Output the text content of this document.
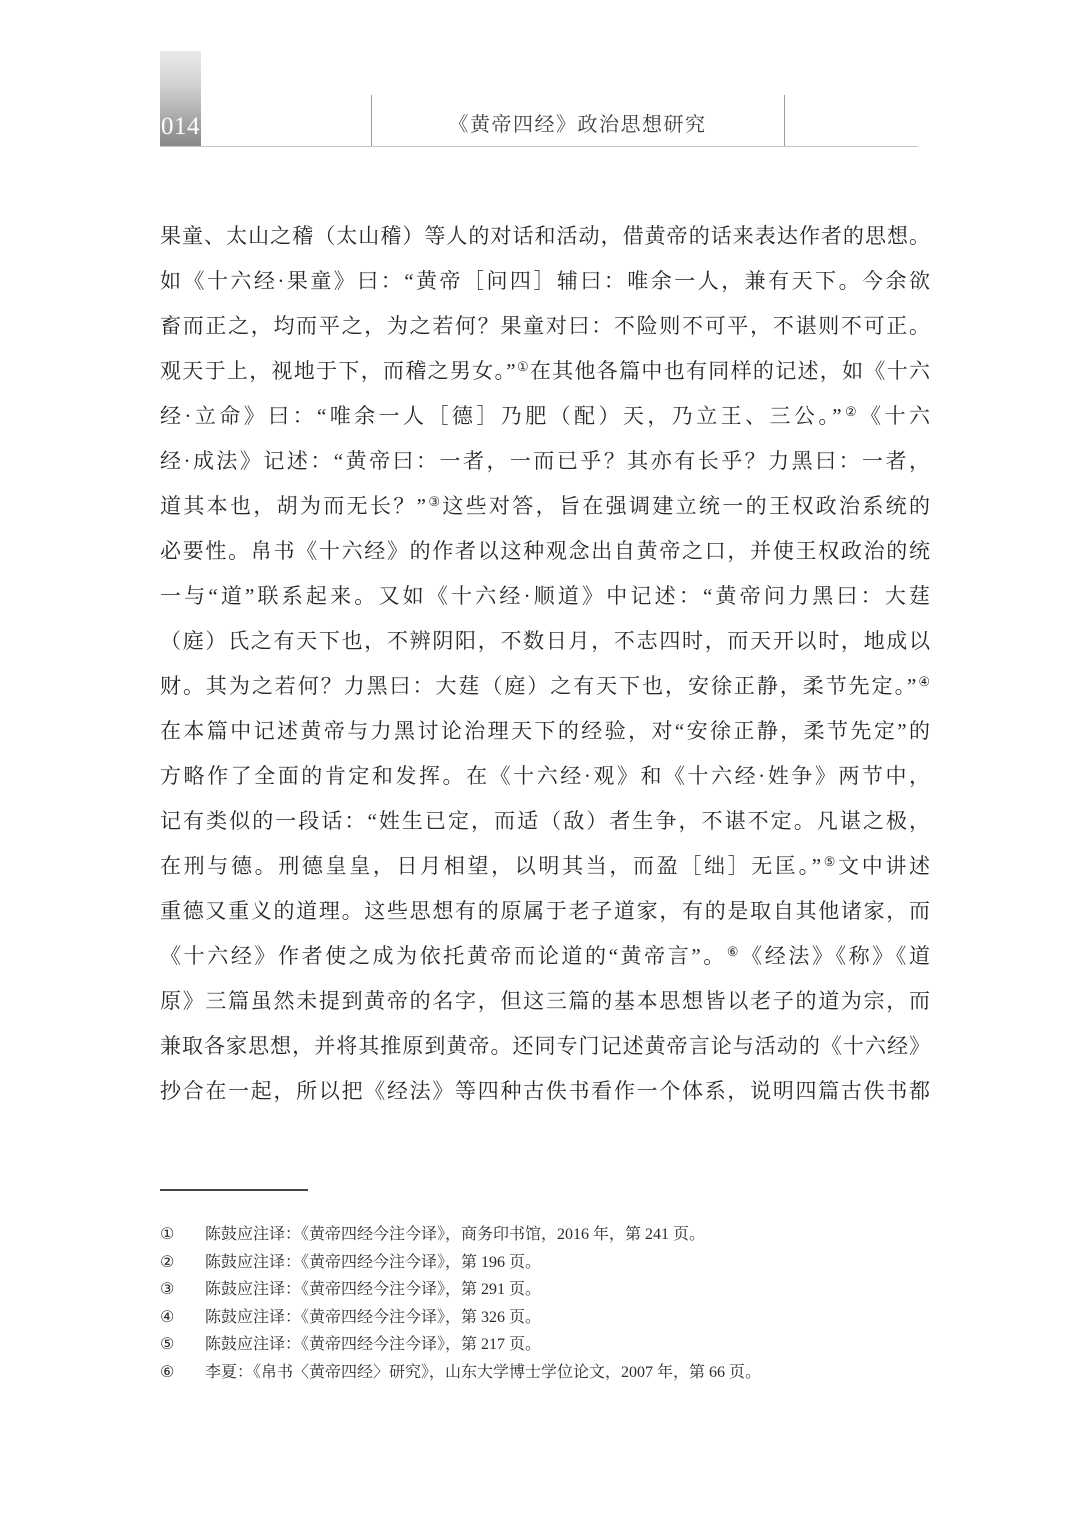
014	《黄帝四经》政治思想研究
果童、太山之稽（太山稽）等人的对话和活动，借黄帝的话来表达作者的思想。
如《十六经·果童》曰：“黄帝［问四］辅曰：唯余一人，兼有天下。今余欲
畜而正之，均而平之，为之若何？果童对曰：不险则不可平，不谌则不可正。
观天于上，视地于下，而稽之男女。”①在其他各篇中也有同样的记述，如《十六
经·立命》曰：“唯余一人［德］乃肥（配）天，乃立王、三公。”②《十六
经·成法》记述：“黄帝曰：一者，一而已乎？其亦有长乎？力黑曰：一者，
道其本也，胡为而无长？”③这些对答，旨在强调建立统一的王权政治系统的
必要性。帛书《十六经》的作者以这种观念出自黄帝之口，并使王权政治的统
一与“道”联系起来。又如《十六经·顺道》中记述：“黄帝问力黑曰：大莛
（庭）氏之有天下也，不辨阴阳，不数日月，不志四时，而天开以时，地成以
财。其为之若何？力黑曰：大莛（庭）之有天下也，安徐正静，柔节先定。”④
在本篇中记述黄帝与力黑讨论治理天下的经验，对“安徐正静，柔节先定”的
方略作了全面的肯定和发挥。在《十六经·观》和《十六经·姓争》两节中，
记有类似的一段话：“姓生已定，而适（敌）者生争，不谌不定。凡谌之极，
在刑与德。刑德皇皇，日月相望，以明其当，而盈［绌］无匡。”⑤文中讲述
重德又重义的道理。这些思想有的原属于老子道家，有的是取自其他诸家，而
《十六经》作者使之成为依托黄帝而论道的“黄帝言”。⑥《经法》《称》《道
原》三篇虽然未提到黄帝的名字，但这三篇的基本思想皆以老子的道为宗，而
兼取各家思想，并将其推原到黄帝。还同专门记述黄帝言论与活动的《十六经》
抄合在一起，所以把《经法》等四种古佚书看作一个体系，说明四篇古佚书都
①	陈鼓应注译：《黄帝四经今注今译》，商务印书馆，2016 年，第 241 页。
②	陈鼓应注译：《黄帝四经今注今译》，第 196 页。
③	陈鼓应注译：《黄帝四经今注今译》，第 291 页。
④	陈鼓应注译：《黄帝四经今注今译》，第 326 页。
⑤	陈鼓应注译：《黄帝四经今注今译》，第 217 页。
⑥	李夏：《帛书〈黄帝四经〉研究》，山东大学博士学位论文，2007 年，第 66 页。
